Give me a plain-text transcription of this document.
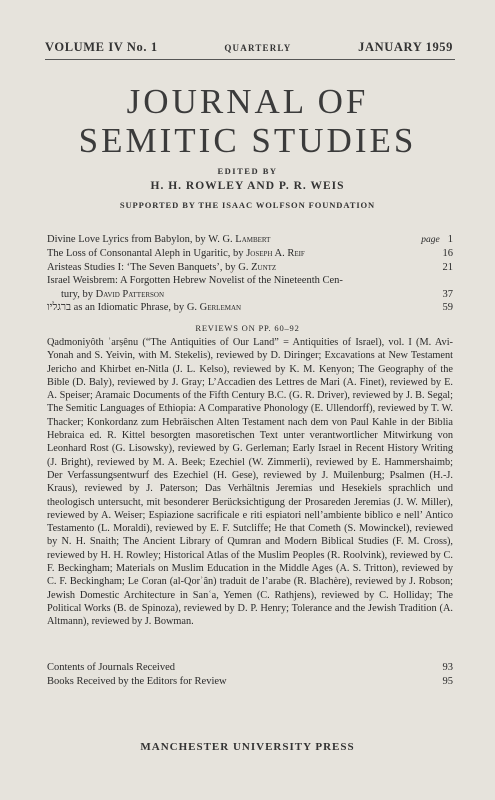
VOLUME IV No. 1	QUARTERLY	JANUARY 1959
JOURNAL OF
SEMITIC STUDIES
EDITED BY
H. H. ROWLEY AND P. R. WEIS
SUPPORTED BY THE ISAAC WOLFSON FOUNDATION
Divine Love Lyrics from Babylon, by W. G. Lambert	page 1
The Loss of Consonantal Aleph in Ugaritic, by Joseph A. Reif	16
Aristeas Studies I: ‘The Seven Banquets’, by G. Zuntz	21
Israel Weisbrem: A Forgotten Hebrew Novelist of the Nineteenth Cen-
tury, by David Patterson	37
ברגליו as an Idiomatic Phrase, by G. Gerleman	59
REVIEWS ON PP. 60–92
Qadmoniyôth ʾarṣênu (“The Antiquities of Our Land” = Antiquities of Israel), vol. I (M. Avi-Yonah and S. Yeivin, with M. Stekelis), reviewed by D. Diringer; Excavations at New Testament Jericho and Khirbet en-Nitla (J. L. Kelso), reviewed by K. M. Kenyon; The Geography of the Bible (D. Baly), reviewed by J. Gray; L’Accadien des Lettres de Mari (A. Finet), reviewed by E. A. Speiser; Aramaic Documents of the Fifth Century B.C. (G. R. Driver), reviewed by J. B. Segal; The Semitic Languages of Ethiopia: A Comparative Phonology (E. Ullendorff), reviewed by T. W. Thacker; Konkordanz zum Hebräischen Alten Testament nach dem von Paul Kahle in der Biblia Hebraica ed. R. Kittel besorgten masoretischen Text unter verantwortlicher Mitwirkung von Leonhard Rost (G. Lisowsky), reviewed by G. Gerleman; Early Israel in Recent History Writing (J. Bright), reviewed by M. A. Beek; Ezechiel (W. Zimmerli), reviewed by E. Hammershaimb; Der Verfassungsentwurf des Ezechiel (H. Gese), reviewed by J. Muilenburg; Psalmen (H.-J. Kraus), reviewed by J. Paterson; Das Verhältnis Jeremias und Hesekiels sprachlich und theologisch untersucht, mit besonderer Berücksichtigung der Prosareden Jeremias (J. W. Miller), reviewed by A. Weiser; Espiazione sacrificale e riti espiatori nell’ambiente biblico e nell’ Antico Testamento (L. Moraldi), reviewed by E. F. Sutcliffe; He that Cometh (S. Mowinckel), reviewed by N. H. Snaith; The Ancient Library of Qumran and Modern Biblical Studies (F. M. Cross), reviewed by H. H. Rowley; Historical Atlas of the Muslim Peoples (R. Roolvink), reviewed by C. F. Beckingham; Materials on Muslim Education in the Middle Ages (A. S. Tritton), reviewed by C. F. Beckingham; Le Coran (al-Qorʾân) traduit de l’arabe (R. Blachère), reviewed by J. Robson; Jewish Domestic Architecture in Sanʿa, Yemen (C. Rathjens), reviewed by C. Holliday; The Political Works (B. de Spinoza), reviewed by D. P. Henry; Tolerance and the Jewish Tradition (A. Altmann), reviewed by J. Bowman.
Contents of Journals Received	93
Books Received by the Editors for Review	95
MANCHESTER UNIVERSITY PRESS
